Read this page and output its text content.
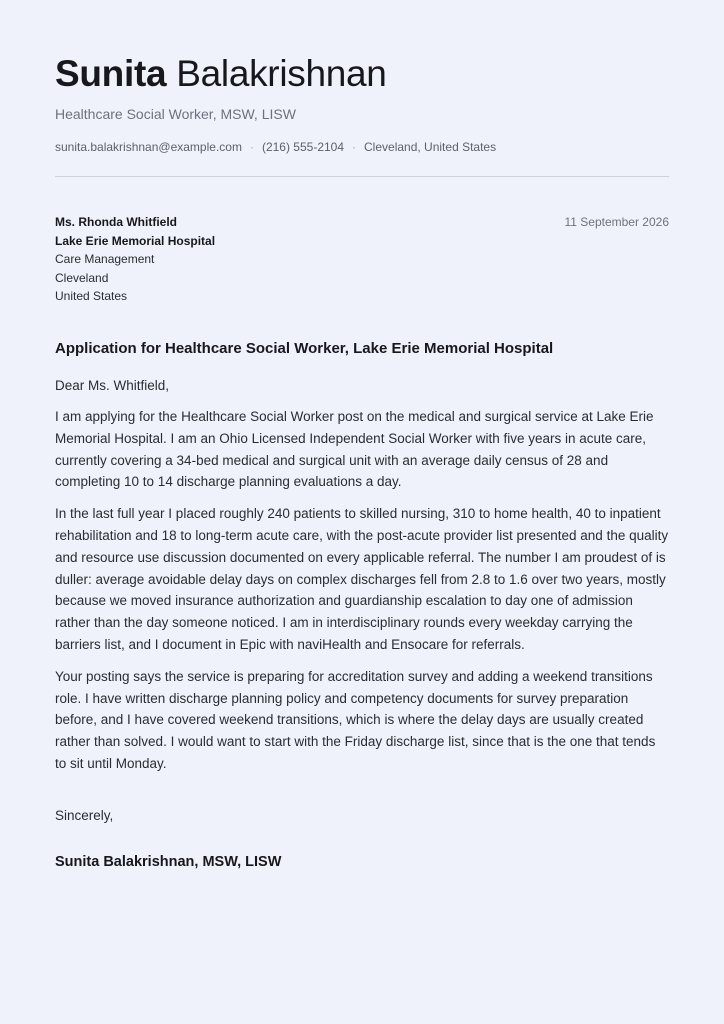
Sunita Balakrishnan
Healthcare Social Worker, MSW, LISW
sunita.balakrishnan@example.com · (216) 555-2104 · Cleveland, United States
Ms. Rhonda Whitfield
Lake Erie Memorial Hospital
Care Management
Cleveland
United States
11 September 2026
Application for Healthcare Social Worker, Lake Erie Memorial Hospital
Dear Ms. Whitfield,
I am applying for the Healthcare Social Worker post on the medical and surgical service at Lake Erie Memorial Hospital. I am an Ohio Licensed Independent Social Worker with five years in acute care, currently covering a 34-bed medical and surgical unit with an average daily census of 28 and completing 10 to 14 discharge planning evaluations a day.
In the last full year I placed roughly 240 patients to skilled nursing, 310 to home health, 40 to inpatient rehabilitation and 18 to long-term acute care, with the post-acute provider list presented and the quality and resource use discussion documented on every applicable referral. The number I am proudest of is duller: average avoidable delay days on complex discharges fell from 2.8 to 1.6 over two years, mostly because we moved insurance authorization and guardianship escalation to day one of admission rather than the day someone noticed. I am in interdisciplinary rounds every weekday carrying the barriers list, and I document in Epic with naviHealth and Ensocare for referrals.
Your posting says the service is preparing for accreditation survey and adding a weekend transitions role. I have written discharge planning policy and competency documents for survey preparation before, and I have covered weekend transitions, which is where the delay days are usually created rather than solved. I would want to start with the Friday discharge list, since that is the one that tends to sit until Monday.
Sincerely,
Sunita Balakrishnan, MSW, LISW
